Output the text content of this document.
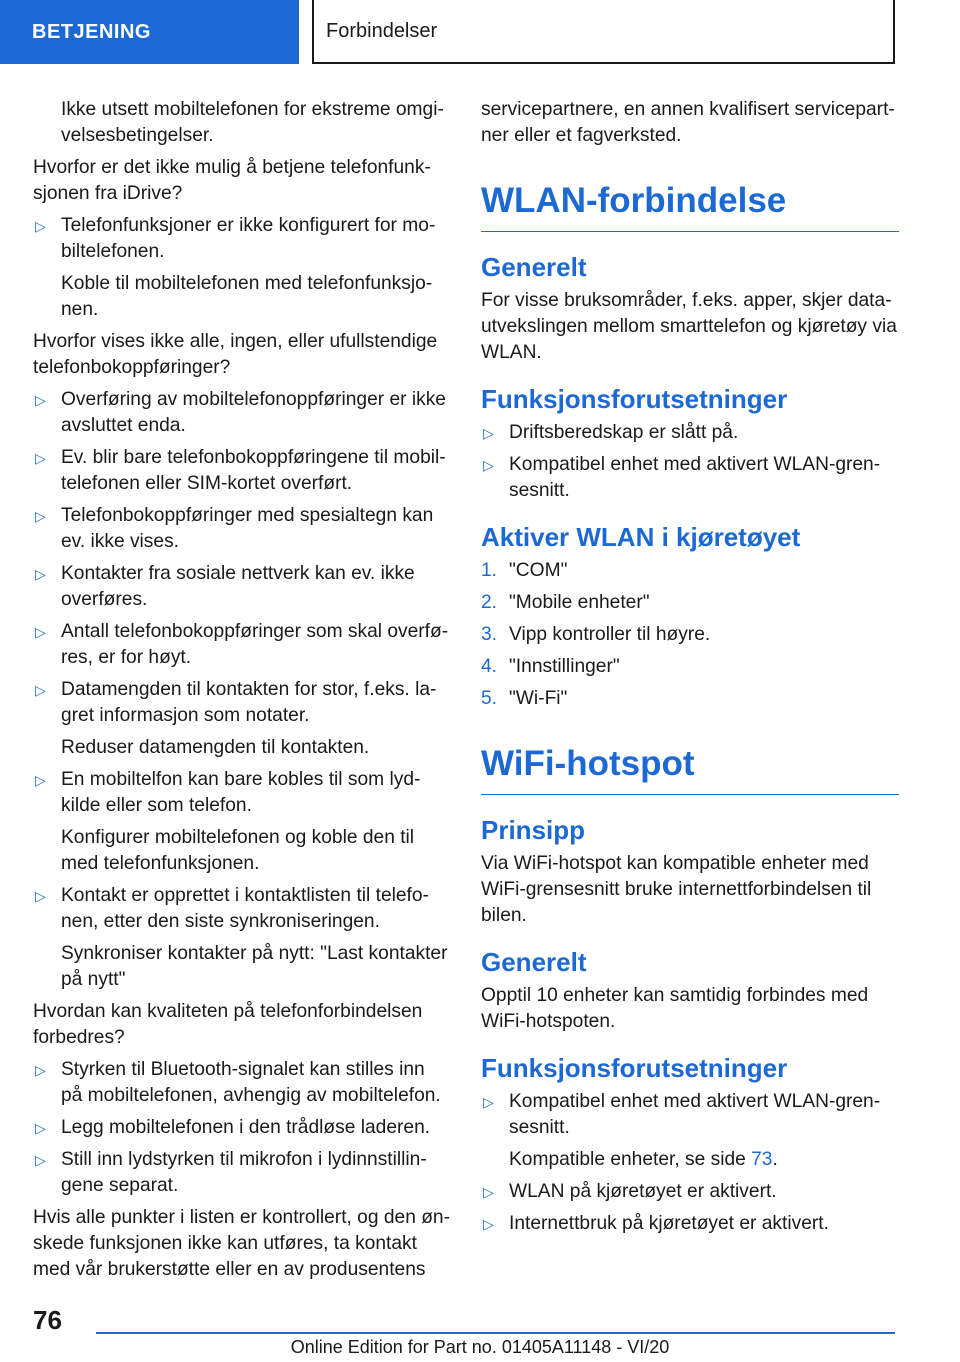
BETJENING	Forbindelser

Ikke utsett mobiltelefonen for ekstreme omgivelsesbetingelser.

Hvorfor er det ikke mulig å betjene telefonfunksjonen fra iDrive?

▷ Telefonfunksjoner er ikke konfigurert for mobiltelefonen.

Koble til mobiltelefonen med telefonfunksjonen.

Hvorfor vises ikke alle, ingen, eller ufullstendige telefonbokoppføringer?

▷ Overføring av mobiltelefonoppføringer er ikke avsluttet enda.
▷ Ev. blir bare telefonbokoppføringene til mobiltelefonen eller SIM-kortet overført.
▷ Telefonbokoppføringer med spesialtegn kan ev. ikke vises.
▷ Kontakter fra sosiale nettverk kan ev. ikke overføres.
▷ Antall telefonbokoppføringer som skal overføres, er for høyt.
▷ Datamengden til kontakten for stor, f.eks. lagret informasjon som notater.

Reduser datamengden til kontakten.

▷ En mobiltelfon kan bare kobles til som lydkilde eller som telefon.

Konfigurer mobiltelefonen og koble den til med telefonfunksjonen.

▷ Kontakt er opprettet i kontaktlisten til telefonen, etter den siste synkroniseringen.

Synkroniser kontakter på nytt: "Last kontakter på nytt"

Hvordan kan kvaliteten på telefonforbindelsen forbedres?

▷ Styrken til Bluetooth-signalet kan stilles inn på mobiltelefonen, avhengig av mobiltelefon.
▷ Legg mobiltelefonen i den trådløse laderen.
▷ Still inn lydstyrken til mikrofon i lydinnstillingene separat.

Hvis alle punkter i listen er kontrollert, og den ønskede funksjonen ikke kan utføres, ta kontakt med vår brukerstøtte eller en av produsentens

servicepartnere, en annen kvalifisert servicepartner eller et fagverksted.

WLAN-forbindelse
Generelt

For visse bruksområder, f.eks. apper, skjer datautvekslingen mellom smarttelefon og kjøretøy via WLAN.

Funksjonsforutsetninger
▷ Driftsberedskap er slått på.
▷ Kompatibel enhet med aktivert WLAN-grensesnitt.
Aktiver WLAN i kjøretøyet
1. "COM"
2. "Mobile enheter"
3. Vipp kontroller til høyre.
4. "Innstillinger"
5. "Wi-Fi"
WiFi-hotspot
Prinsipp

Via WiFi-hotspot kan kompatible enheter med WiFi-grensesnitt bruke internettforbindelsen til bilen.

Generelt

Opptil 10 enheter kan samtidig forbindes med WiFi-hotspoten.

Funksjonsforutsetninger
▷ Kompatibel enhet med aktivert WLAN-grensesnitt.

Kompatible enheter, se side 73.

▷ WLAN på kjøretøyet er aktivert.
▷ Internettbruk på kjøretøyet er aktivert.
76
Online Edition for Part no. 01405A11148 - VI/20
